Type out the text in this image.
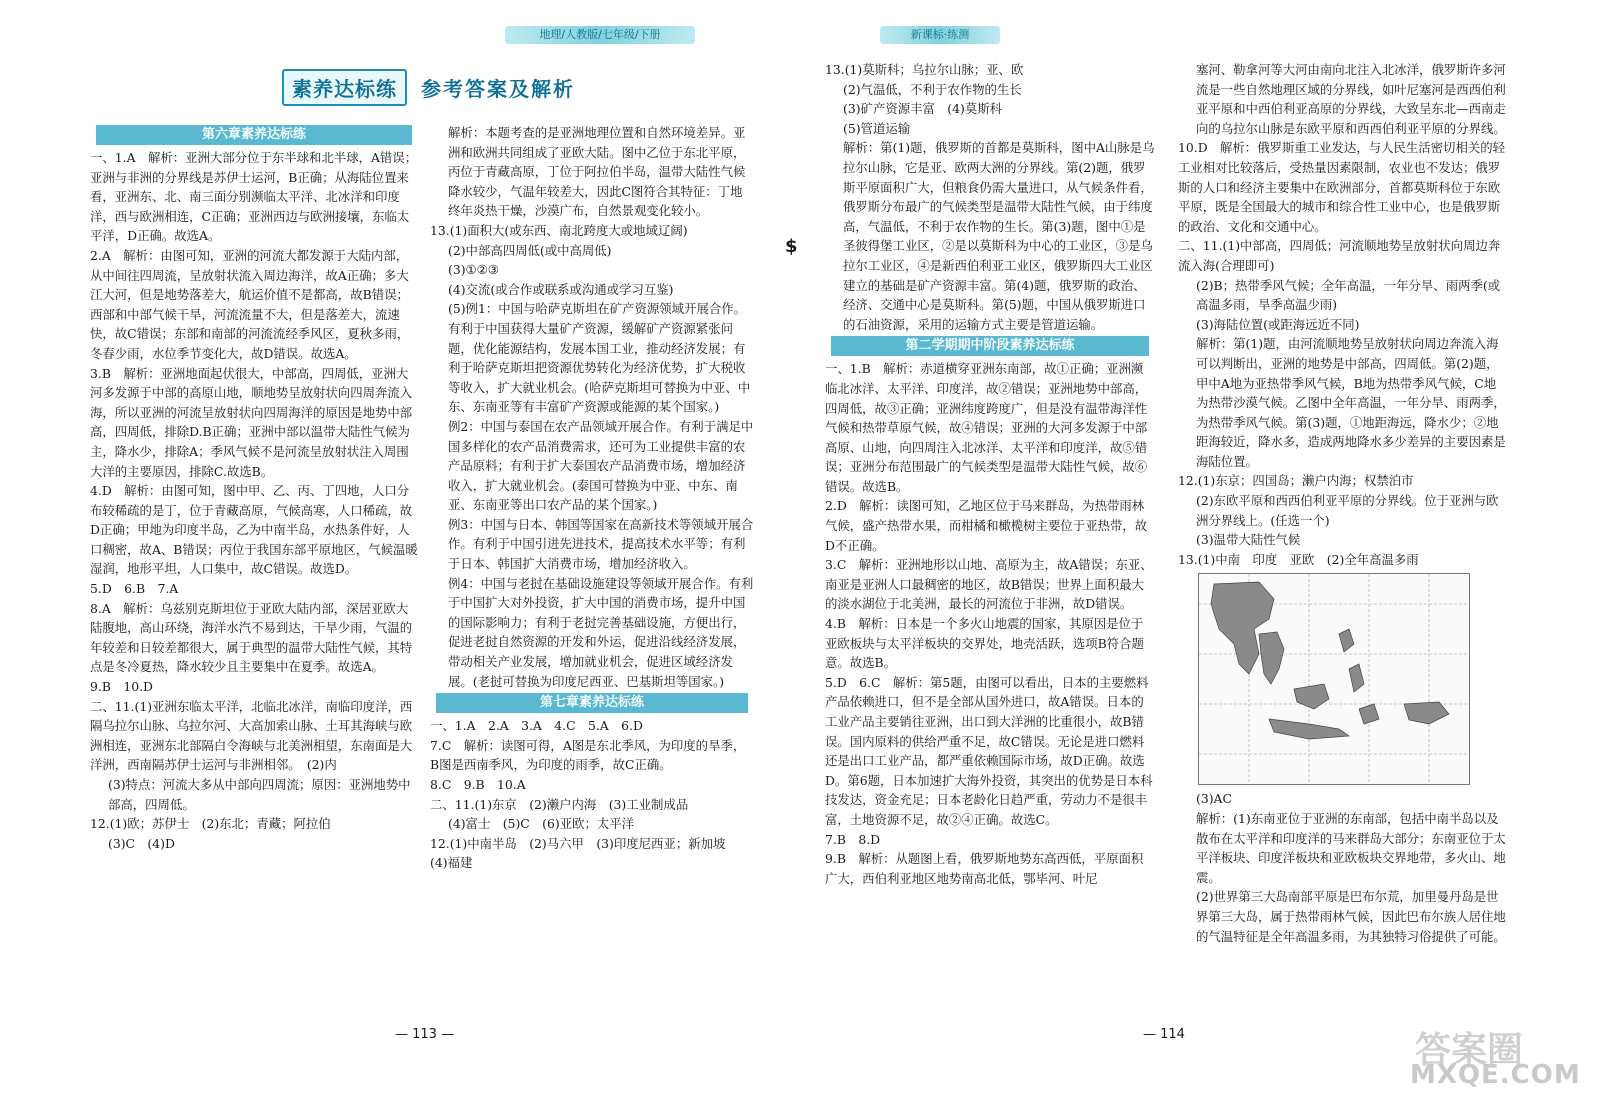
地理/人教版/七年级/下册	新课标·练测
素养达标练	参考答案及解析
第六章素养达标练
一、1.A　解析：亚洲大部分位于东半球和北半球，A错误；亚洲与非洲的分界线是苏伊士运河，B正确；从海陆位置来看，亚洲东、北、南三面分别濒临太平洋、北冰洋和印度洋，西与欧洲相连，C正确；亚洲西边与欧洲接壤，东临太平洋，D正确。故选A。
2.A　解析：由图可知，亚洲的河流大都发源于大陆内部，从中间往四周流，呈放射状流入周边海洋，故A正确；多大江大河，但是地势落差大，航运价值不是都高，故B错误；西部和中部气候干旱，河流流量不大，但是落差大，流速快，故C错误；东部和南部的河流流经季风区，夏秋多雨，冬春少雨，水位季节变化大，故D错误。故选A。
3.B　解析：亚洲地面起伏很大，中部高，四周低，亚洲大河多发源于中部的高原山地，顺地势呈放射状向四周奔流入海，所以亚洲的河流呈放射状向四周海洋的原因是地势中部高，四周低，排除D.B正确；亚洲中部以温带大陆性气候为主，降水少，排除A；季风气候不是河流呈放射状注入周围大洋的主要原因，排除C.故选B。
4.D　解析：由图可知，图中甲、乙、丙、丁四地，人口分布较稀疏的是丁，位于青藏高原，气候高寒，人口稀疏，故D正确；甲地为印度半岛，乙为中南半岛，水热条件好，人口稠密，故A、B错误；丙位于我国东部平原地区，气候温暖湿润，地形平坦，人口集中，故C错误。故选D。
5.D　6.B　7.A
8.A　解析：乌兹别克斯坦位于亚欧大陆内部，深居亚欧大陆腹地，高山环绕，海洋水汽不易到达，干旱少雨，气温的年较差和日较差都很大，属于典型的温带大陆性气候，其特点是冬冷夏热，降水较少且主要集中在夏季。故选A。
9.B　10.D
二、11.(1)亚洲东临太平洋，北临北冰洋，南临印度洋，西隔乌拉尔山脉、乌拉尔河、大高加索山脉、土耳其海峡与欧洲相连，亚洲东北部隔白令海峡与北美洲相望，东南面是大洋洲，西南隔苏伊士运河与非洲相邻。　(2)内
(3)特点：河流大多从中部向四周流；原因：亚洲地势中部高，四周低。
12.(1)欧；苏伊士　(2)东北；青藏；阿拉伯
(3)C　(4)D
解析：本题考查的是亚洲地理位置和自然环境差异。亚洲和欧洲共同组成了亚欧大陆。图中乙位于东北平原，丙位于青藏高原，丁位于阿拉伯半岛，温带大陆性气候降水较少，气温年较差大，因此C图符合其特征：丁地终年炎热干燥，沙漠广布，自然景观变化较小。
13.(1)面积大(或东西、南北跨度大或地域辽阔)
(2)中部高四周低(或中高周低)
(3)①②③
(4)交流(或合作或联系或沟通或学习互鉴)
(5)例1：中国与哈萨克斯坦在矿产资源领域开展合作。有利于中国获得大量矿产资源，缓解矿产资源紧张问题，优化能源结构，发展本国工业，推动经济发展；有利于哈萨克斯坦把资源优势转化为经济优势，扩大税收等收入，扩大就业机会。(哈萨克斯坦可替换为中亚、中东、东南亚等有丰富矿产资源或能源的某个国家。)
例2：中国与泰国在农产品领域开展合作。有利于满足中国多样化的农产品消费需求，还可为工业提供丰富的农产品原料；有利于扩大泰国农产品消费市场，增加经济收入，扩大就业机会。(泰国可替换为中亚、中东、南亚、东南亚等出口农产品的某个国家。)
例3：中国与日本、韩国等国家在高新技术等领域开展合作。有利于中国引进先进技术，提高技术水平等；有利于日本、韩国扩大消费市场，增加经济收入。
例4：中国与老挝在基础设施建设等领域开展合作。有利于中国扩大对外投资，扩大中国的消费市场，提升中国的国际影响力；有利于老挝完善基础设施，方便出行，促进老挝自然资源的开发和外运，促进沿线经济发展，带动相关产业发展，增加就业机会，促进区域经济发展。(老挝可替换为印度尼西亚、巴基斯坦等国家。)
第七章素养达标练
一、1.A　2.A　3.A　4.C　5.A　6.D
7.C　解析：读图可得，A图是东北季风，为印度的旱季，B图是西南季风，为印度的雨季，故C正确。
8.C　9.B　10.A
二、11.(1)东京　(2)濑户内海　(3)工业制成品
(4)富士　(5)C　(6)亚欧；太平洋
12.(1)中南半岛　(2)马六甲　(3)印度尼西亚；新加坡　(4)福建
13.(1)莫斯科；乌拉尔山脉；亚、欧
(2)气温低，不利于农作物的生长
(3)矿产资源丰富　(4)莫斯科
(5)管道运输
解析：第(1)题，俄罗斯的首都是莫斯科，图中A山脉是乌拉尔山脉，它是亚、欧两大洲的分界线。第(2)题，俄罗斯平原面积广大，但粮食仍需大量进口，从气候条件看，俄罗斯分布最广的气候类型是温带大陆性气候，由于纬度高，气温低，不利于农作物的生长。第(3)题，图中①是圣彼得堡工业区，②是以莫斯科为中心的工业区，③是乌拉尔工业区，④是新西伯利亚工业区，俄罗斯四大工业区建立的基础是矿产资源丰富。第(4)题，俄罗斯的政治、经济、交通中心是莫斯科。第(5)题，中国从俄罗斯进口的石油资源，采用的运输方式主要是管道运输。
第二学期期中阶段素养达标练
一、1.B　解析：赤道横穿亚洲东南部，故①正确；亚洲濒临北冰洋、太平洋、印度洋，故②错误；亚洲地势中部高，四周低，故③正确；亚洲纬度跨度广，但是没有温带海洋性气候和热带草原气候，故④错误；亚洲的大河多发源于中部高原、山地，向四周注入北冰洋、太平洋和印度洋，故⑤错误；亚洲分布范围最广的气候类型是温带大陆性气候，故⑥错误。故选B。
2.D　解析：读图可知，乙地区位于马来群岛，为热带雨林气候，盛产热带水果，而柑橘和橄榄树主要位于亚热带，故D不正确。
3.C　解析：亚洲地形以山地、高原为主，故A错误；东亚、南亚是亚洲人口最稠密的地区，故B错误；世界上面积最大的淡水湖位于北美洲，最长的河流位于非洲，故D错误。
4.B　解析：日本是一个多火山地震的国家，其原因是位于亚欧板块与太平洋板块的交界处，地壳活跃，选项B符合题意。故选B。
5.D　6.C　解析：第5题，由图可以看出，日本的主要燃料产品依赖进口，但不是全部从国外进口，故A错误。日本的工业产品主要销往亚洲，出口到大洋洲的比重很小，故B错误。国内原料的供给严重不足，故C错误。无论是进口燃料还是出口工业产品，都严重依赖国际市场，故D正确。故选D。第6题，日本加速扩大海外投资，其突出的优势是日本科技发达，资金充足；日本老龄化日趋严重，劳动力不是很丰富，土地资源不足，故②④正确。故选C。
7.B　8.D
9.B　解析：从题图上看，俄罗斯地势东高西低，平原面积广大，西伯利亚地区地势南高北低，鄂毕河、叶尼
塞河、勒拿河等大河由南向北注入北冰洋，俄罗斯许多河流是一些自然地理区域的分界线，如叶尼塞河是西西伯利亚平原和中西伯利亚高原的分界线，大致呈东北—西南走向的乌拉尔山脉是东欧平原和西西伯利亚平原的分界线。
10.D　解析：俄罗斯重工业发达，与人民生活密切相关的轻工业相对比较落后，受热量因素限制，农业也不发达；俄罗斯的人口和经济主要集中在欧洲部分，首都莫斯科位于东欧平原，既是全国最大的城市和综合性工业中心，也是俄罗斯的政治、文化和交通中心。
二、11.(1)中部高，四周低；河流顺地势呈放射状向周边奔流入海(合理即可)
(2)B；热带季风气候；全年高温，一年分旱、雨两季(或高温多雨，旱季高温少雨)
(3)海陆位置(或距海远近不同)
解析：第(1)题，由河流顺地势呈放射状向周边奔流入海可以判断出，亚洲的地势是中部高，四周低。第(2)题，甲中A地为亚热带季风气候，B地为热带季风气候，C地为热带沙漠气候。乙图中全年高温，一年分旱、雨两季，为热带季风气候。第(3)题，①地距海远，降水少；②地距海较近，降水多，造成两地降水多少差异的主要因素是海陆位置。
12.(1)东京；四国岛；濑户内海；权禁泊市
(2)东欧平原和西西伯利亚平原的分界线。位于亚洲与欧洲分界线上。(任选一个)
(3)温带大陆性气候
13.(1)中南　印度　亚欧　(2)全年高温多雨
(3)AC
解析：(1)东南亚位于亚洲的东南部，包括中南半岛以及散布在太平洋和印度洋的马来群岛大部分；东南亚位于太平洋板块、印度洋板块和亚欧板块交界地带，多火山、地震。
(2)世界第三大岛南部平原是巴布尔荒，加里曼丹岛是世界第三大岛，属于热带雨林气候，因此巴布尔族人居住地的气温特征是全年高温多雨，为其独特习俗提供了可能。
$
— 113 —	— 114	答案圈
MXQE.COM
